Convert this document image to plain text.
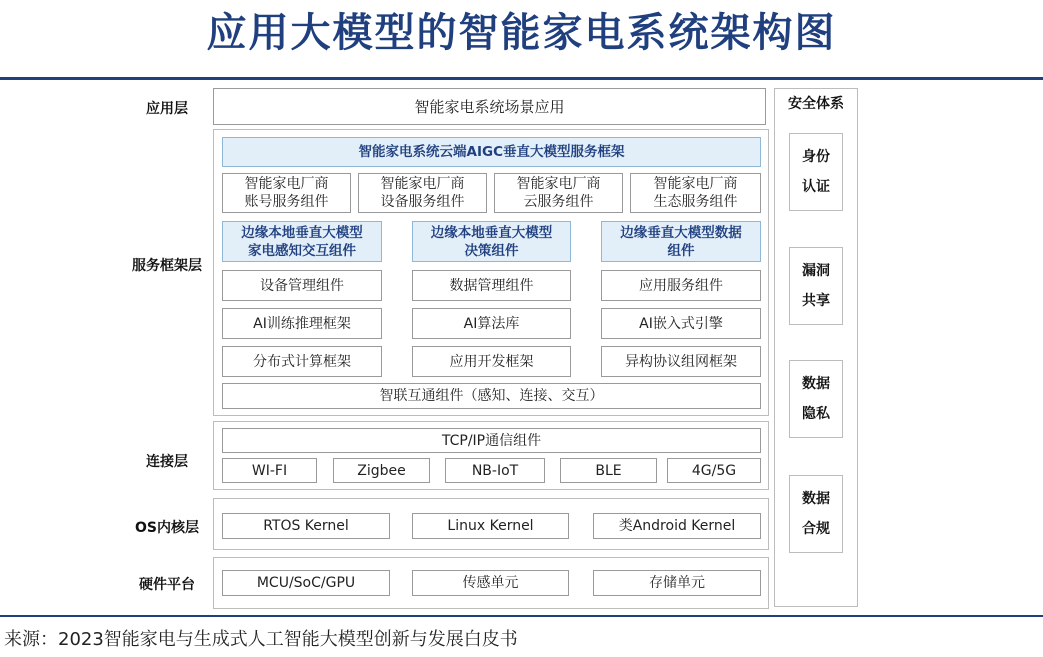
应用大模型的智能家电系统架构图
应用层
服务框架层
连接层
OS内核层
硬件平台
智能家电系统场景应用
智能家电系统云端AIGC垂直大模型服务框架
智能家电厂商
账号服务组件
智能家电厂商
设备服务组件
智能家电厂商
云服务组件
智能家电厂商
生态服务组件
边缘本地垂直大模型
家电感知交互组件
边缘本地垂直大模型
决策组件
边缘垂直大模型数据
组件
设备管理组件	数据管理组件	应用服务组件
AI训练推理框架	AI算法库	AI嵌入式引擎
分布式计算框架	应用开发框架	异构协议组网框架
智联互通组件（感知、连接、交互）
TCP/IP通信组件
WI-FI	Zigbee	NB-IoT	BLE	4G/5G
RTOS Kernel	Linux Kernel	类Android Kernel
MCU/SoC/GPU	传感单元	存储单元
安全体系
身份
认证
漏洞
共享
数据
隐私
数据
合规
来源：2023智能家电与生成式人工智能大模型创新与发展白皮书
